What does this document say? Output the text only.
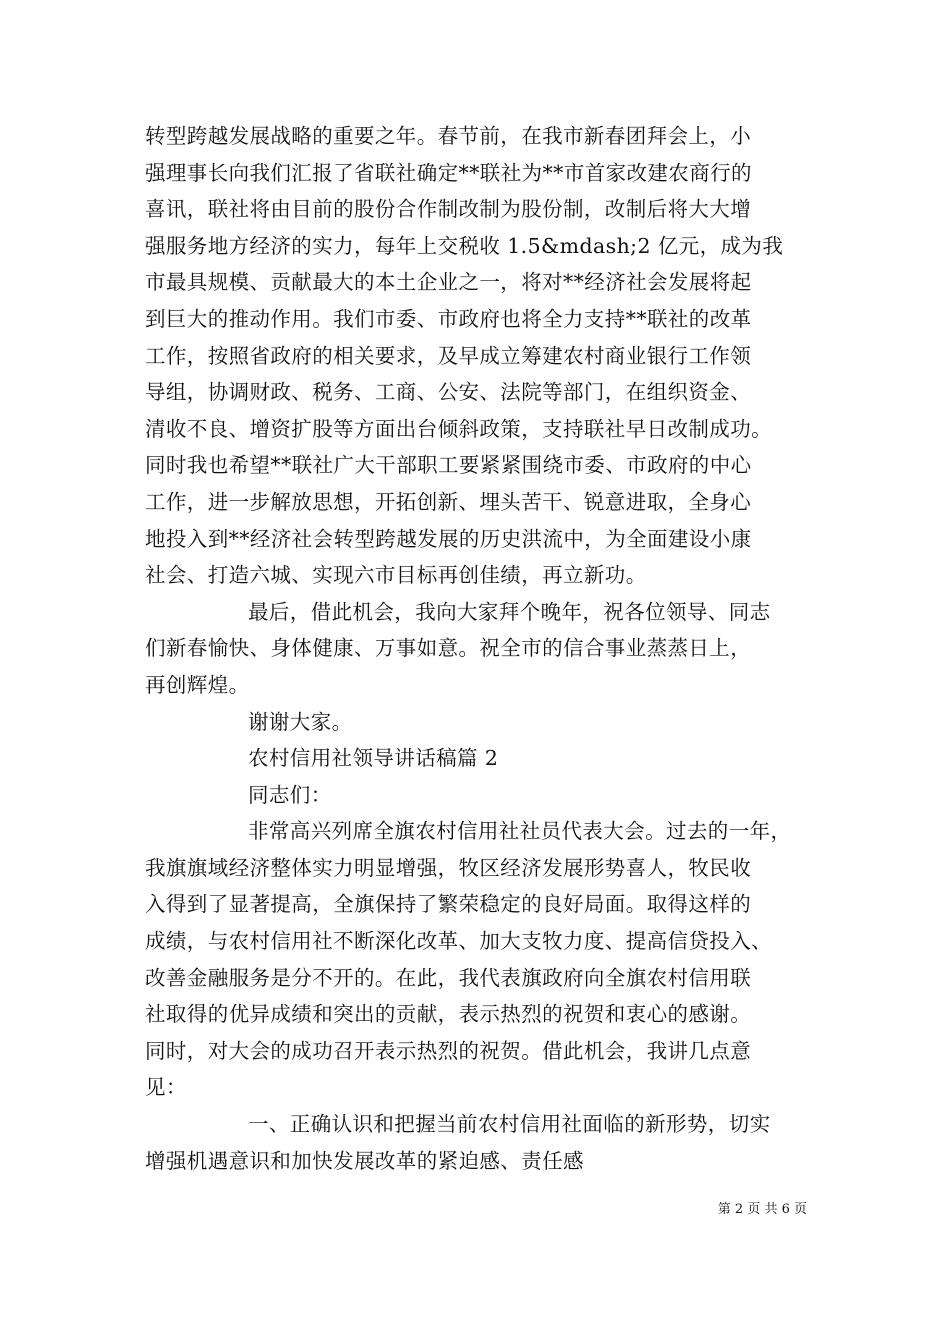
转型跨越发展战略的重要之年。春节前，在我市新春团拜会上，小

强理事长向我们汇报了省联社确定**联社为**市首家改建农商行的

喜讯，联社将由目前的股份合作制改制为股份制，改制后将大大增

强服务地方经济的实力，每年上交税收 1.5&mdash;2 亿元，成为我

市最具规模、贡献最大的本土企业之一，将对**经济社会发展将起

到巨大的推动作用。我们市委、市政府也将全力支持**联社的改革

工作，按照省政府的相关要求，及早成立筹建农村商业银行工作领

导组，协调财政、税务、工商、公安、法院等部门，在组织资金、

清收不良、增资扩股等方面出台倾斜政策，支持联社早日改制成功。

同时我也希望**联社广大干部职工要紧紧围绕市委、市政府的中心

工作，进一步解放思想，开拓创新、埋头苦干、锐意进取，全身心

地投入到**经济社会转型跨越发展的历史洪流中，为全面建设小康

社会、打造六城、实现六市目标再创佳绩，再立新功。

最后，借此机会，我向大家拜个晚年，祝各位领导、同志

们新春愉快、身体健康、万事如意。祝全市的信合事业蒸蒸日上，

再创辉煌。

谢谢大家。

农村信用社领导讲话稿篇 2

同志们：

非常高兴列席全旗农村信用社社员代表大会。过去的一年，

我旗旗域经济整体实力明显增强，牧区经济发展形势喜人，牧民收

入得到了显著提高，全旗保持了繁荣稳定的良好局面。取得这样的

成绩，与农村信用社不断深化改革、加大支牧力度、提高信贷投入、

改善金融服务是分不开的。在此，我代表旗政府向全旗农村信用联

社取得的优异成绩和突出的贡献，表示热烈的祝贺和衷心的感谢。

同时，对大会的成功召开表示热烈的祝贺。借此机会，我讲几点意

见：

一、正确认识和把握当前农村信用社面临的新形势，切实

增强机遇意识和加快发展改革的紧迫感、责任感

第 2 页 共 6 页
